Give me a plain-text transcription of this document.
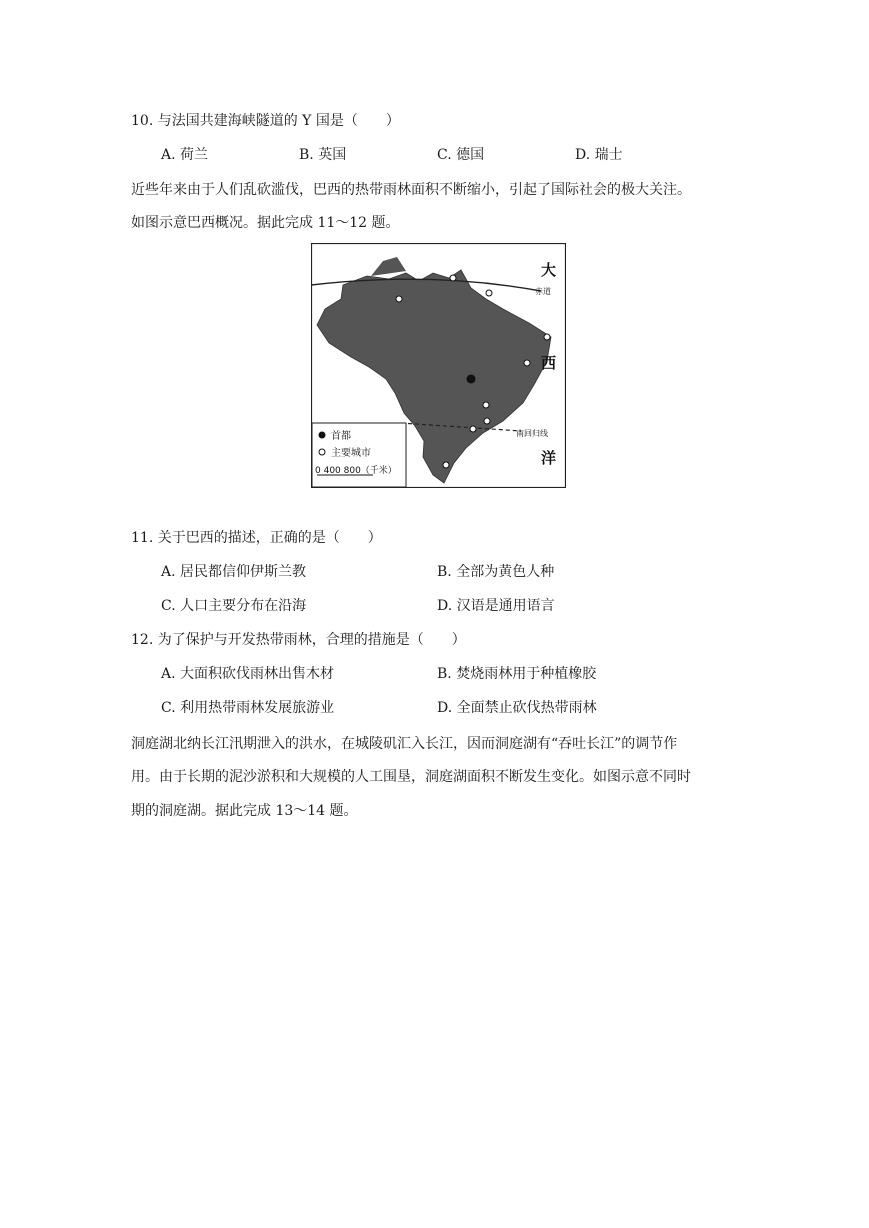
10. 与法国共建海峡隧道的 Y 国是（　　）
A. 荷兰	B. 英国	C. 德国	D. 瑞士
近些年来由于人们乱砍滥伐，巴西的热带雨林面积不断缩小，引起了国际社会的极大关注。
如图示意巴西概况。据此完成 11～12 题。
首都
主要城市
0 400 800（千米）
大
赤道
西
南回归线
洋
11. 关于巴西的描述，正确的是（　　）
A. 居民都信仰伊斯兰教	B. 全部为黄色人种
C. 人口主要分布在沿海	D. 汉语是通用语言
12. 为了保护与开发热带雨林，合理的措施是（　　）
A. 大面积砍伐雨林出售木材	B. 焚烧雨林用于种植橡胶
C. 利用热带雨林发展旅游业	D. 全面禁止砍伐热带雨林
洞庭湖北纳长江汛期泄入的洪水，在城陵矶汇入长江，因而洞庭湖有“吞吐长江”的调节作
用。由于长期的泥沙淤积和大规模的人工围垦，洞庭湖面积不断发生变化。如图示意不同时
期的洞庭湖。据此完成 13～14 题。
